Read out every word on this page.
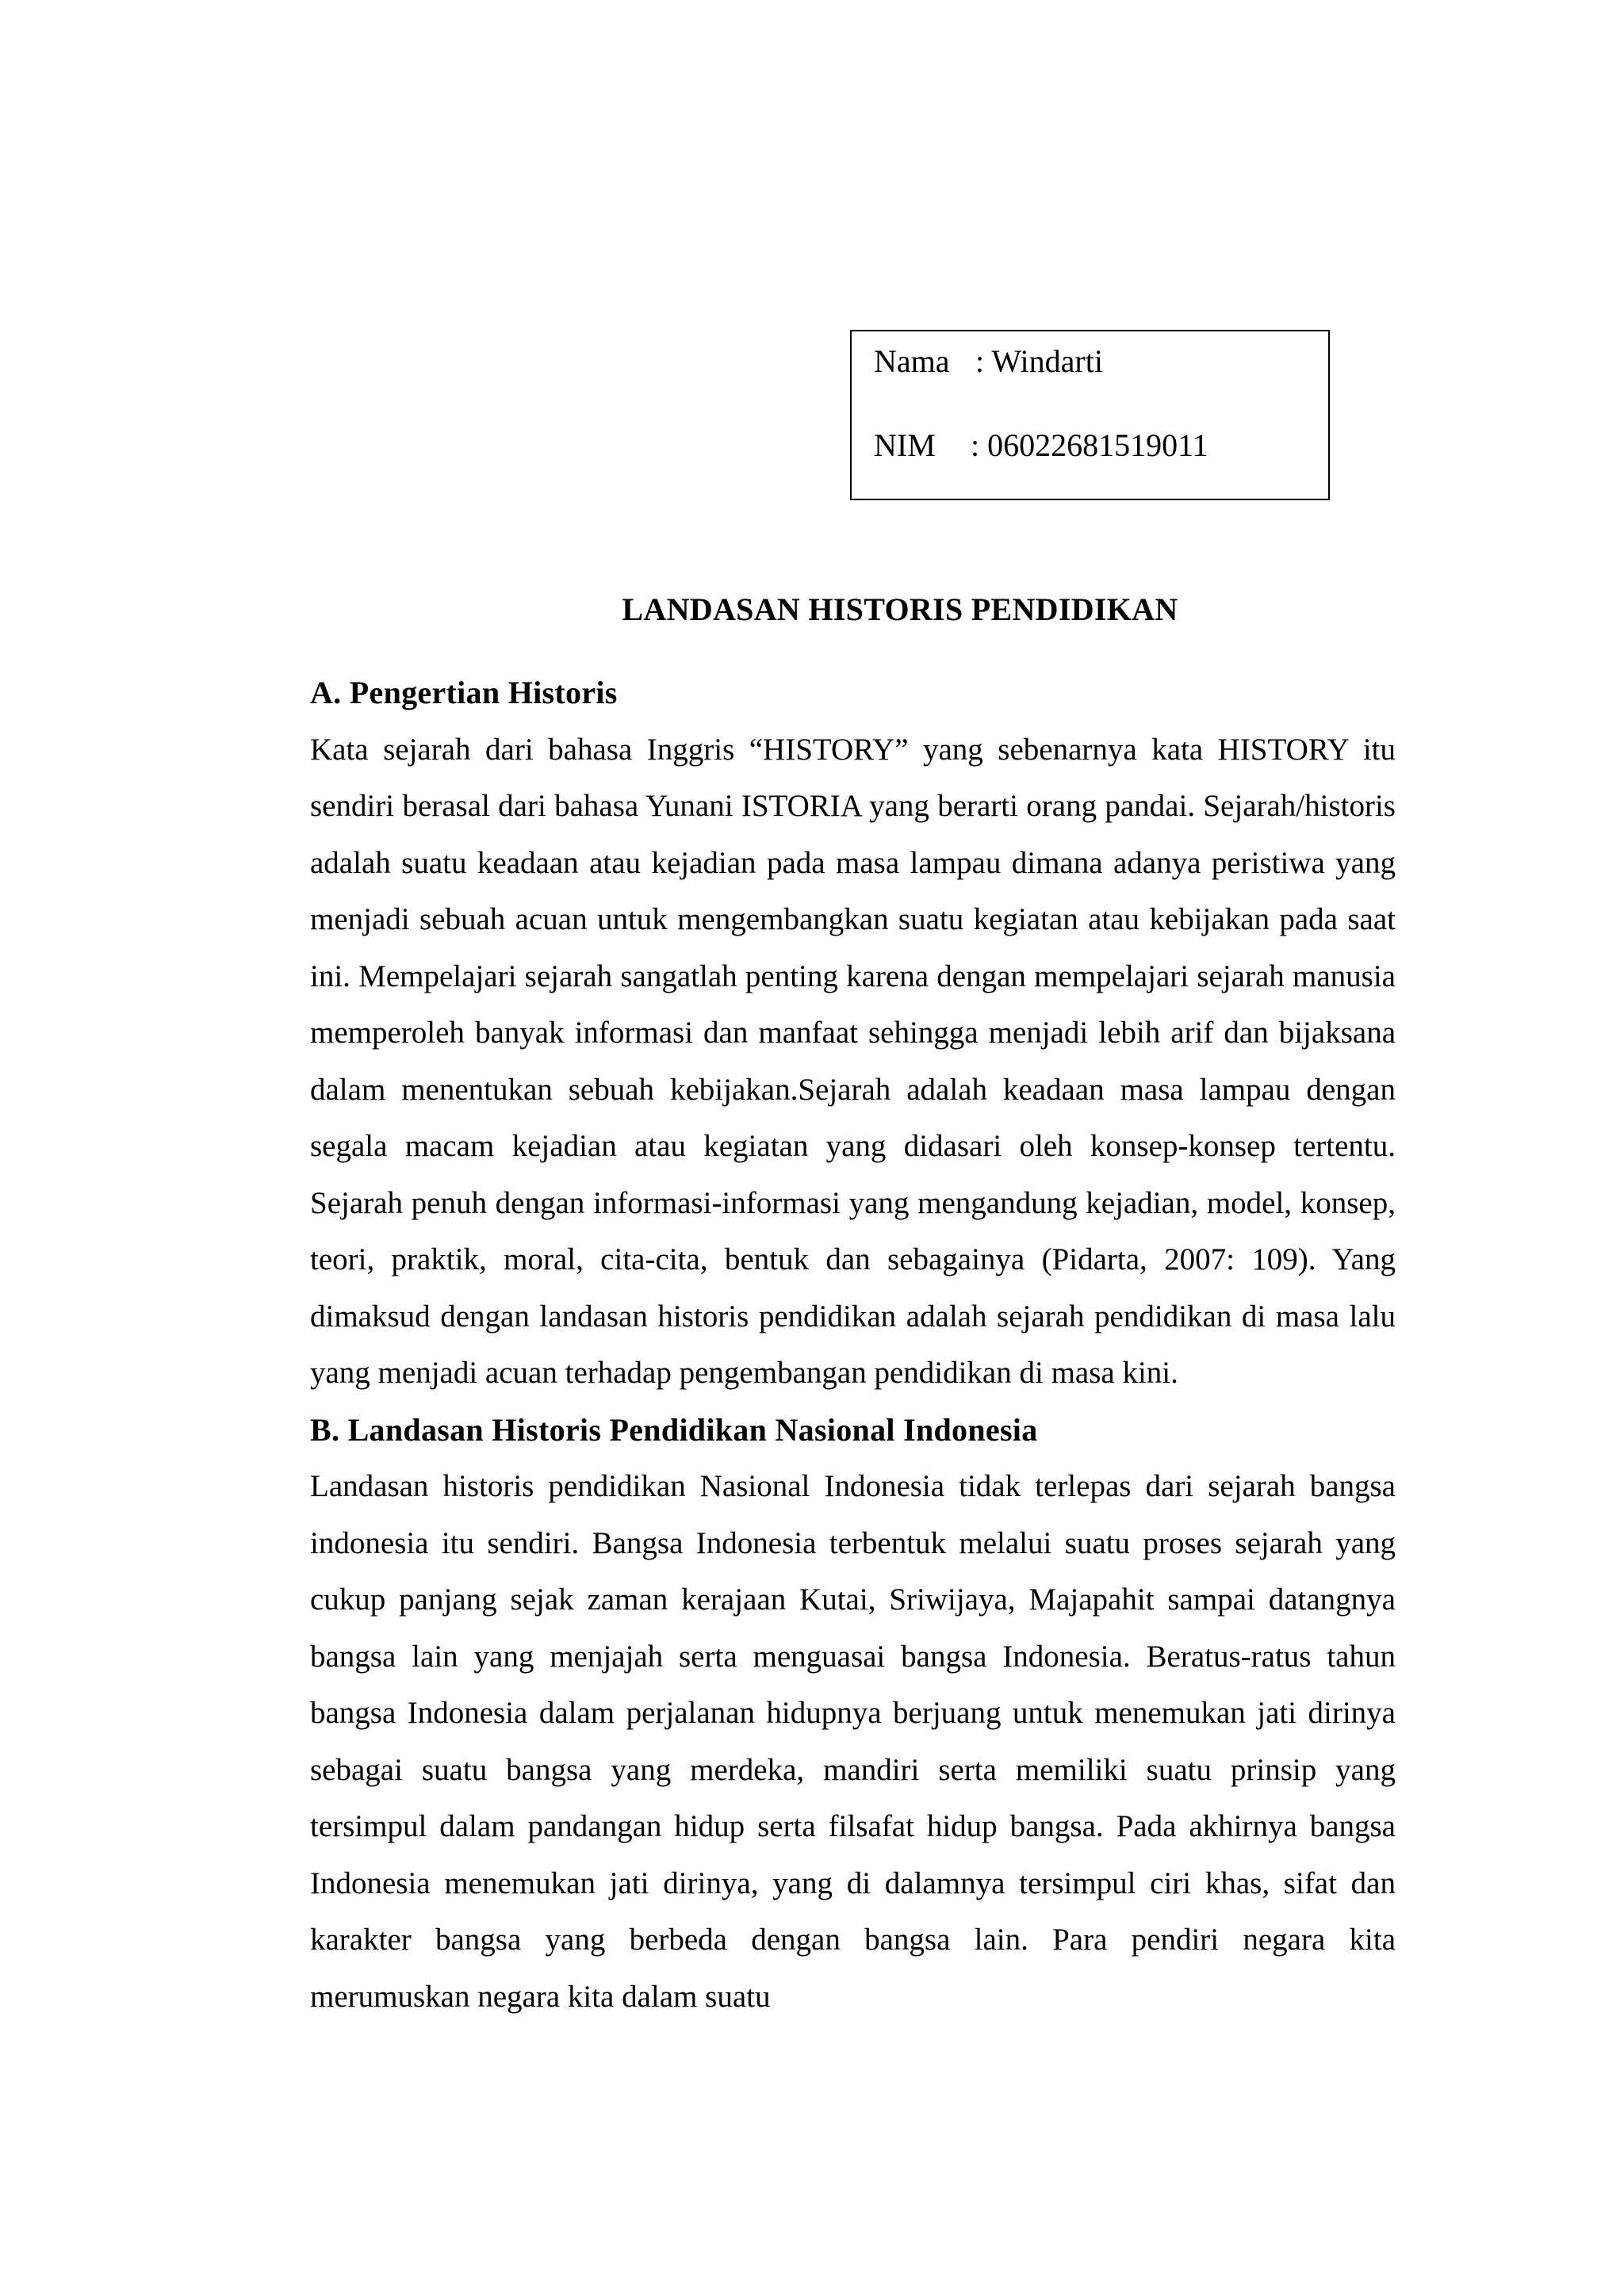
Nama : Windarti
NIM : 06022681519011
LANDASAN HISTORIS PENDIDIKAN
A. Pengertian Historis

Kata sejarah dari bahasa Inggris “HISTORY” yang sebenarnya kata HISTORY itu sendiri berasal dari bahasa Yunani ISTORIA yang berarti orang pandai. Sejarah/historis adalah suatu keadaan atau kejadian pada masa lampau dimana adanya peristiwa yang menjadi sebuah acuan untuk mengembangkan suatu kegiatan atau kebijakan pada saat ini. Mempelajari sejarah sangatlah penting karena dengan mempelajari sejarah manusia memperoleh banyak informasi dan manfaat sehingga menjadi lebih arif dan bijaksana dalam menentukan sebuah kebijakan.Sejarah adalah keadaan masa lampau dengan segala macam kejadian atau kegiatan yang didasari oleh konsep-konsep tertentu. Sejarah penuh dengan informasi-informasi yang mengandung kejadian, model, konsep, teori, praktik, moral, cita-cita, bentuk dan sebagainya (Pidarta, 2007: 109). Yang dimaksud dengan landasan historis pendidikan adalah sejarah pendidikan di masa lalu yang menjadi acuan terhadap pengembangan pendidikan di masa kini.

B. Landasan Historis Pendidikan Nasional Indonesia

Landasan historis pendidikan Nasional Indonesia tidak terlepas dari sejarah bangsa indonesia itu sendiri. Bangsa Indonesia terbentuk melalui suatu proses sejarah yang cukup panjang sejak zaman kerajaan Kutai, Sriwijaya, Majapahit sampai datangnya bangsa lain yang menjajah serta menguasai bangsa Indonesia. Beratus-ratus tahun bangsa Indonesia dalam perjalanan hidupnya berjuang untuk menemukan jati dirinya sebagai suatu bangsa yang merdeka, mandiri serta memiliki suatu prinsip yang tersimpul dalam pandangan hidup serta filsafat hidup bangsa. Pada akhirnya bangsa Indonesia menemukan jati dirinya, yang di dalamnya tersimpul ciri khas, sifat dan karakter bangsa yang berbeda dengan bangsa lain. Para pendiri negara kita merumuskan negara kita dalam suatu
